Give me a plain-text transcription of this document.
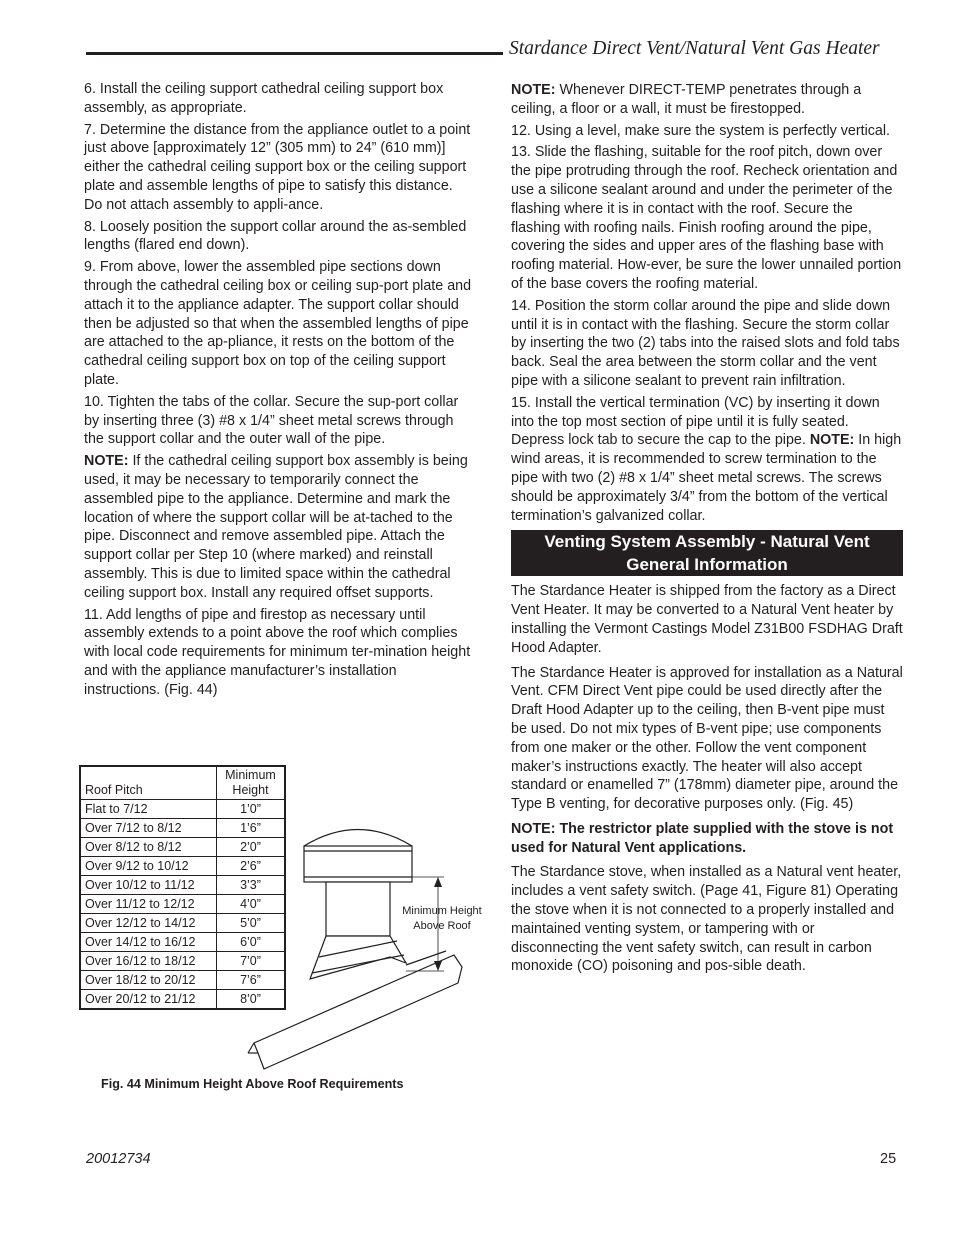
Stardance Direct Vent/Natural Vent Gas Heater

6. Install the ceiling support cathedral ceiling support box assembly, as appropriate.

7. Determine the distance from the appliance outlet to a point just above [approximately 12” (305 mm) to 24” (610 mm)] either the cathedral ceiling support box or the ceiling support plate and assemble lengths of pipe to satisfy this distance. Do not attach assembly to appli-ance.

8. Loosely position the support collar around the as-sembled lengths (flared end down).

9. From above, lower the assembled pipe sections down through the cathedral ceiling box or ceiling sup-port plate and attach it to the appliance adapter. The support collar should then be adjusted so that when the assembled lengths of pipe are attached to the ap-pliance, it rests on the bottom of the cathedral ceiling support box on top of the ceiling support plate.

10. Tighten the tabs of the collar. Secure the sup-port collar by inserting three (3) #8 x 1/4” sheet metal screws through the support collar and the outer wall of the pipe.

NOTE: If the cathedral ceiling support box assembly is being used, it may be necessary to temporarily connect the assembled pipe to the appliance. Determine and mark the location of where the support collar will be at-tached to the pipe. Disconnect and remove assembled pipe. Attach the support collar per Step 10 (where marked) and reinstall assembly. This is due to limited space within the cathedral ceiling support box. Install any required offset supports.

11. Add lengths of pipe and firestop as necessary until assembly extends to a point above the roof which complies with local code requirements for minimum ter-mination height and with the appliance manufacturer’s installation instructions. (Fig. 44)

Roof Pitch	Minimum
Height
Flat to 7/12	1’0”
Over 7/12 to 8/12	1’6”
Over 8/12 to 8/12	2’0”
Over 9/12 to 10/12	2’6”
Over 10/12 to 11/12	3’3”
Over 11/12 to 12/12	4’0”
Over 12/12 to 14/12	5’0”
Over 14/12 to 16/12	6’0”
Over 16/12 to 18/12	7’0”
Over 18/12 to 20/12	7’6”
Over 20/12 to 21/12	8’0”
Minimum Height
Above Roof
Fig. 44 Minimum Height Above Roof Requirements

NOTE: Whenever DIRECT-TEMP penetrates through a ceiling, a floor or a wall, it must be firestopped.

12. Using a level, make sure the system is perfectly vertical.

13. Slide the flashing, suitable for the roof pitch, down over the pipe protruding through the roof. Recheck orientation and use a silicone sealant around and under the perimeter of the flashing where it is in contact with the roof. Secure the flashing with roofing nails. Finish roofing around the pipe, covering the sides and upper ares of the flashing base with roofing material. How-ever, be sure the lower unnailed portion of the base covers the roofing material.

14. Position the storm collar around the pipe and slide down until it is in contact with the flashing. Secure the storm collar by inserting the two (2) tabs into the raised slots and fold tabs back. Seal the area between the storm collar and the vent pipe with a silicone sealant to prevent rain infiltration.

15. Install the vertical termination (VC) by inserting it down into the top most section of pipe until it is fully seated. Depress lock tab to secure the cap to the pipe. NOTE: In high wind areas, it is recommended to screw termination to the pipe with two (2) #8 x 1/4” sheet metal screws. The screws should be approximately 3/4” from the bottom of the vertical termination’s galvanized collar.

Venting System Assembly - Natural Vent General Information

The Stardance Heater is shipped from the factory as a Direct Vent Heater. It may be converted to a Natural Vent heater by installing the Vermont Castings Model Z31B00 FSDHAG Draft Hood Adapter.

The Stardance Heater is approved for installation as a Natural Vent. CFM Direct Vent pipe could be used directly after the Draft Hood Adapter up to the ceiling, then B-vent pipe must be used. Do not mix types of B-vent pipe; use components from one maker or the other. Follow the vent component maker’s instructions exactly. The heater will also accept standard or enamelled 7” (178mm) diameter pipe, around the Type B venting, for decorative purposes only. (Fig. 45)

NOTE: The restrictor plate supplied with the stove is not used for Natural Vent applications.

The Stardance stove, when installed as a Natural vent heater, includes a vent safety switch. (Page 41, Figure 81) Operating the stove when it is not connected to a properly installed and maintained venting system, or tampering with or disconnecting the vent safety switch, can result in carbon monoxide (CO) poisoning and pos-sible death.

20012734	25
